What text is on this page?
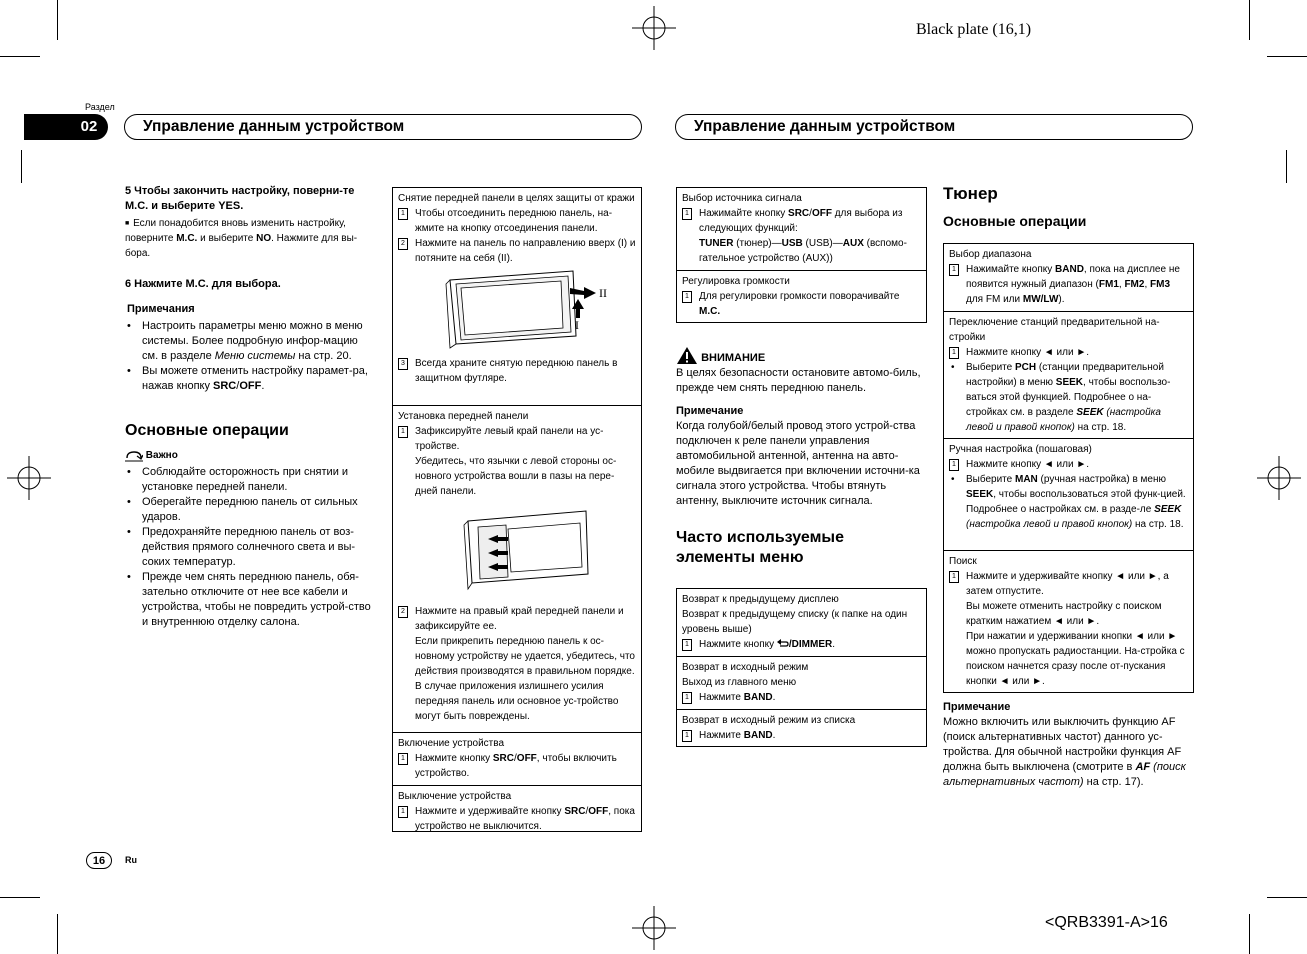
Black plate (16,1)
<QRB3391-A>16
Раздел
02	Управление данным устройством	Управление данным устройством

5 Чтобы закончить настройку, поверни-те M.C. и выберите YES.

■  Если понадобится вновь изменить настройку, поверните M.C. и выберите NO. Нажмите для вы-бора.

6 Нажмите M.C. для выбора.

Примечания

• Настроить параметры меню можно в меню системы. Более подробную инфор-мацию см. в разделе Меню системы на стр. 20.
• Вы можете отменить настройку парамет-ра, нажав кнопку SRC/OFF.

Основные операции

Важно

• Соблюдайте осторожность при снятии и установке передней панели.
• Оберегайте переднюю панель от сильных ударов.
• Предохраняйте переднюю панель от воз-действия прямого солнечного света и вы-соких температур.
• Прежде чем снять переднюю панель, обя-зательно отключите от нее все кабели и устройства, чтобы не повредить устрой-ство и внутреннюю отделку салона.
Снятие передней панели в целях защиты от кражи
1	Чтобы отсоединить переднюю панель, на-жмите на кнопку отсоединения панели.
2	Нажмите на панель по направлению вверх (I) и потяните на себя (II).
II
I
3	Всегда храните снятую переднюю панель в защитном футляре.
Установка передней панели
1	Зафиксируйте левый край панели на ус-тройстве.
Убедитесь, что язычки с левой стороны ос-новного устройства вошли в пазы на пере-дней панели.
2	Нажмите на правый край передней панели и зафиксируйте ее.
Если прикрепить переднюю панель к ос-новному устройству не удается, убедитесь, что действия производятся в правильном порядке. В случае приложения излишнего усилия передняя панель или основное ус-тройство могут быть повреждены.
Включение устройства
1	Нажмите кнопку SRC/OFF, чтобы включить устройство.
Выключение устройства
1	Нажмите и удерживайте кнопку SRC/OFF, пока устройство не выключится.
Выбор источника сигнала
1	Нажимайте кнопку SRC/OFF для выбора из следующих функций:
TUNER (тюнер)—USB (USB)—AUX (вспомо-гательное устройство (AUX))
Регулировка громкости
1	Для регулировки громкости поворачивайте M.C.

ВНИМАНИЕ

В целях безопасности остановите автомо-биль, прежде чем снять переднюю панель.

Примечание

Когда голубой/белый провод этого устрой-ства подключен к реле панели управления автомобильной антенной, антенна на авто-мобиле выдвигается при включении источни-ка сигнала этого устройства. Чтобы втянуть антенну, выключите источник сигнала.

Часто используемые
элементы меню

Возврат к предыдущему дисплею
Возврат к предыдущему списку (к папке на один уровень выше)
1	Нажмите кнопку /DIMMER.
Возврат в исходный режим
Выход из главного меню
1	Нажмите BAND.
Возврат в исходный режим из списка
1	Нажмите BAND.

Тюнер

Основные операции

Выбор диапазона
1	Нажимайте кнопку BAND, пока на дисплее не появится нужный диапазон (FM1, FM2, FM3 для FM или MW/LW).
Переключение станций предварительной на-стройки
1	Нажмите кнопку ◄ или ►.
• Выберите PCH (станции предварительной настройки) в меню SEEK, чтобы воспользо-ваться этой функцией. Подробнее о на-стройках см. в разделе SEEK (настройка левой и правой кнопок) на стр. 18.
Ручная настройка (пошаговая)
1	Нажмите кнопку ◄ или ►.
• Выберите MAN (ручная настройка) в меню SEEK, чтобы воспользоваться этой функ-цией. Подробнее о настройках см. в разде-ле SEEK (настройка левой и правой кнопок) на стр. 18.
Поиск
1	Нажмите и удерживайте кнопку ◄ или ►, а затем отпустите.
Вы можете отменить настройку с поиском кратким нажатием ◄ или ►.
При нажатии и удерживании кнопки ◄ или ► можно пропускать радиостанции. На-стройка с поиском начнется сразу после от-пускания кнопки ◄ или ►.

Примечание

Можно включить или выключить функцию AF (поиск альтернативных частот) данного ус-тройства. Для обычной настройки функция AF должна быть выключена (смотрите в AF (поиск альтернативных частот) на стр. 17).

16	Ru
